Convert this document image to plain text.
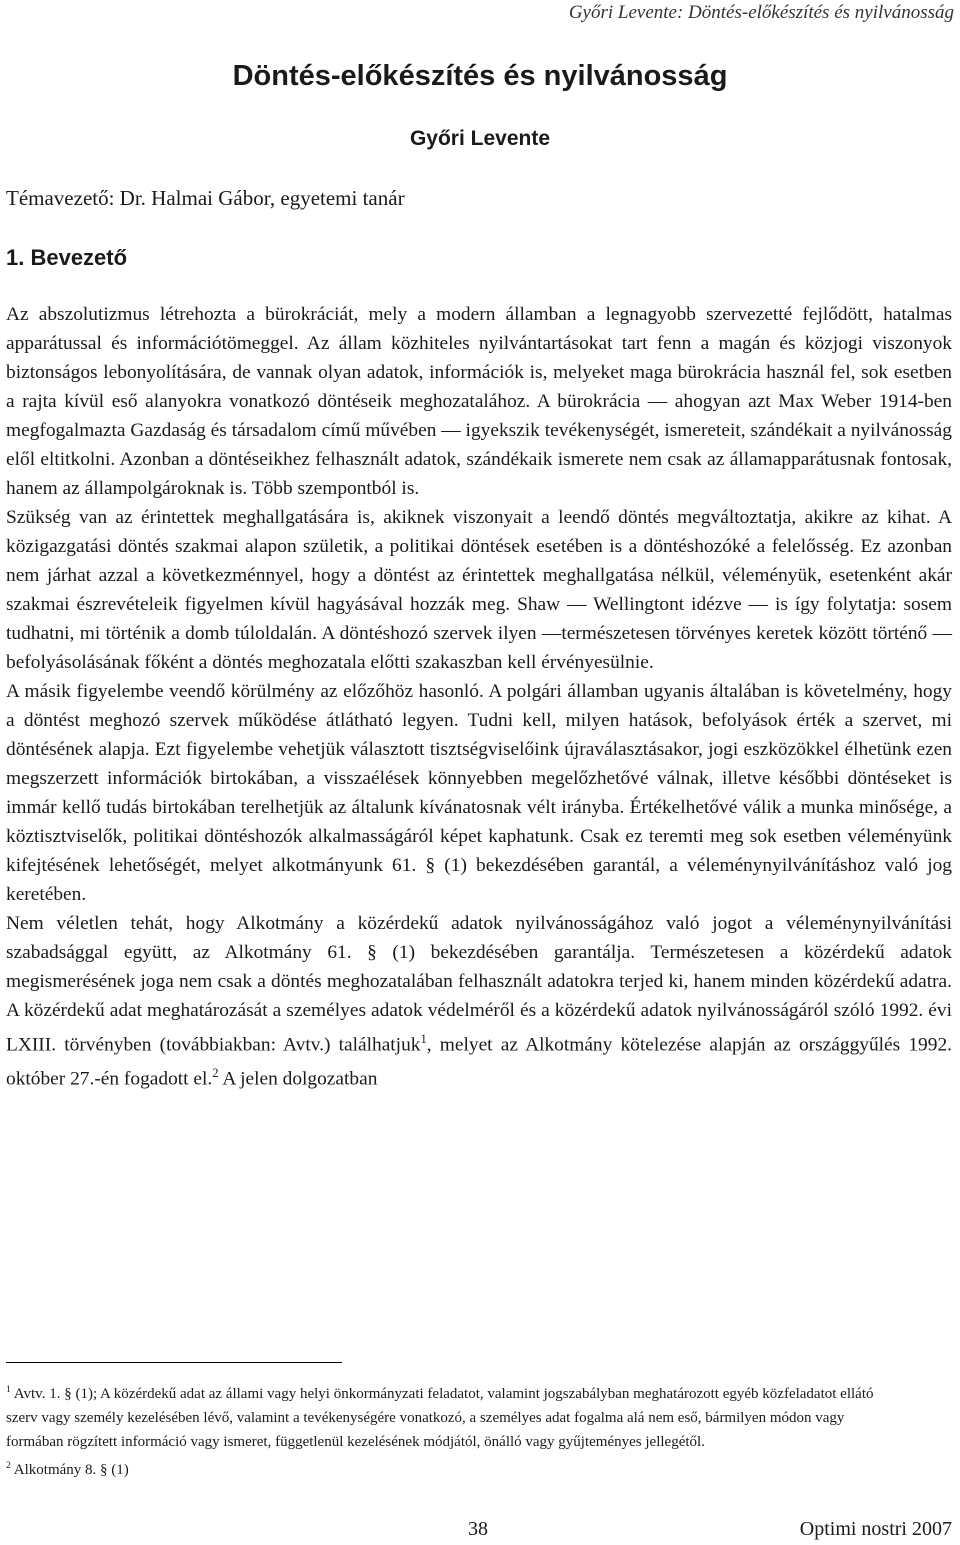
Győri Levente: Döntés-előkészítés és nyilvánosság
Döntés-előkészítés és nyilvánosság
Győri Levente
Témavezető: Dr. Halmai Gábor, egyetemi tanár
1. Bevezető

Az abszolutizmus létrehozta a bürokráciát, mely a modern államban a legnagyobb szervezetté fejlődött, hatalmas apparátussal és információtömeggel. Az állam közhiteles nyilvántartásokat tart fenn a magán és közjogi viszonyok biztonságos lebonyolítására, de vannak olyan adatok, információk is, melyeket maga bürokrácia használ fel, sok esetben a rajta kívül eső alanyokra vonatkozó döntéseik meghozatalához. A bürokrácia — ahogyan azt Max Weber 1914-ben megfogalmazta Gazdaság és társadalom című művében — igyekszik tevékenységét, ismereteit, szándékait a nyilvánosság elől eltitkolni. Azonban a döntéseikhez felhasznált adatok, szándékaik ismerete nem csak az államapparátusnak fontosak, hanem az állampolgároknak is. Több szempontból is.

Szükség van az érintettek meghallgatására is, akiknek viszonyait a leendő döntés megváltoztatja, akikre az kihat. A közigazgatási döntés szakmai alapon születik, a politikai döntések esetében is a döntéshozóké a felelősség. Ez azonban nem járhat azzal a következménnyel, hogy a döntést az érintettek meghallgatása nélkül, véleményük, esetenként akár szakmai észrevételeik figyelmen kívül hagyásával hozzák meg. Shaw — Wellingtont idézve — is így folytatja: sosem tudhatni, mi történik a domb túloldalán. A döntéshozó szervek ilyen —természetesen törvényes keretek között történő — befolyásolásának főként a döntés meghozatala előtti szakaszban kell érvényesülnie.

A másik figyelembe veendő körülmény az előzőhöz hasonló. A polgári államban ugyanis általában is követelmény, hogy a döntést meghozó szervek működése átlátható legyen. Tudni kell, milyen hatások, befolyások érték a szervet, mi döntésének alapja. Ezt figyelembe vehetjük választott tisztségviselőink újraválasztásakor, jogi eszközökkel élhetünk ezen megszerzett információk birtokában, a visszaélések könnyebben megelőzhetővé válnak, illetve későbbi döntéseket is immár kellő tudás birtokában terelhetjük az általunk kívánatosnak vélt irányba. Értékelhetővé válik a munka minősége, a köztisztviselők, politikai döntéshozók alkalmasságáról képet kaphatunk. Csak ez teremti meg sok esetben véleményünk kifejtésének lehetőségét, melyet alkotmányunk 61. § (1) bekezdésében garantál, a véleménynyilvánításhoz való jog keretében.

Nem véletlen tehát, hogy Alkotmány a közérdekű adatok nyilvánosságához való jogot a véleménynyilvánítási szabadsággal együtt, az Alkotmány 61. § (1) bekezdésében garantálja. Természetesen a közérdekű adatok megismerésének joga nem csak a döntés meghozatalában felhasznált adatokra terjed ki, hanem minden közérdekű adatra. A közérdekű adat meghatározását a személyes adatok védelméről és a közérdekű adatok nyilvánosságáról szóló 1992. évi LXIII. törvényben (továbbiakban: Avtv.) találhatjuk$^1$, melyet az Alkotmány kötelezése alapján az országgyűlés 1992. október 27.-én fogadott el.$^2$ A jelen dolgozatban

$^1$ Avtv. 1. § (1); A közérdekű adat az állami vagy helyi önkormányzati feladatot, valamint jogszabályban meghatározott egyéb közfeladatot ellátó szerv vagy személy kezelésében lévő, valamint a tevékenységére vonatkozó, a személyes adat fogalma alá nem eső, bármilyen módon vagy formában rögzített információ vagy ismeret, függetlenül kezelésének módjától, önálló vagy gyűjteményes jellegétől.

$^2$ Alkotmány 8. § (1)

38	Optimi nostri 2007
